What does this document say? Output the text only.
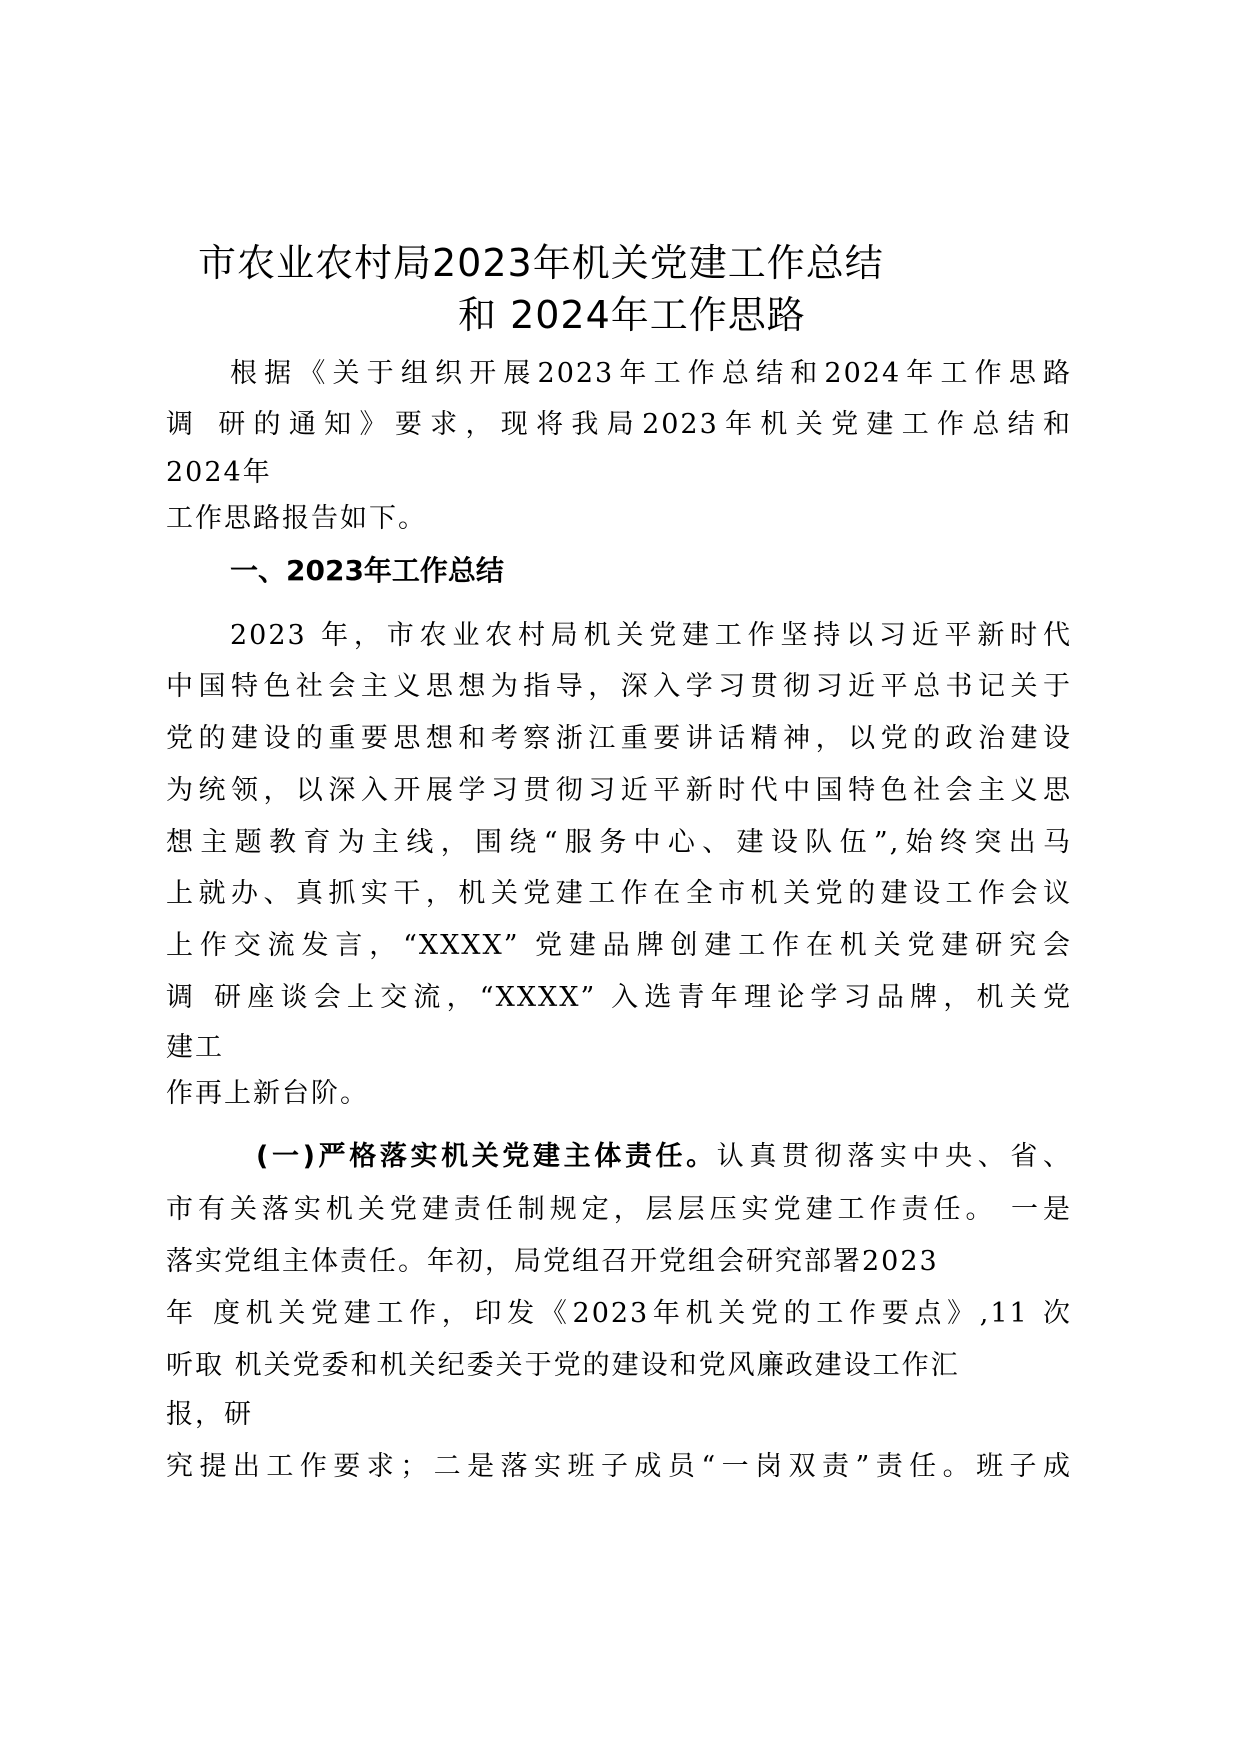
市农业农村局2023年机关党建工作总结
和 2024年工作思路
根据《关于组织开展2023年工作总结和2024年工作思路
调 研的通知》要求，现将我局2023年机关党建工作总结和
2024年
工作思路报告如下。
一、2023年工作总结
2023 年，市农业农村局机关党建工作坚持以习近平新时代
中国特色社会主义思想为指导，深入学习贯彻习近平总书记关于
党的建设的重要思想和考察浙江重要讲话精神，以党的政治建设
为统领，以深入开展学习贯彻习近平新时代中国特色社会主义思
想主题教育为主线，围绕“服务中心、建设队伍”,始终突出马
上就办、真抓实干，机关党建工作在全市机关党的建设工作会议
上作交流发言，“XXXX” 党建品牌创建工作在机关党建研究会
调 研座谈会上交流，“XXXX” 入选青年理论学习品牌，机关党
建工
作再上新台阶。
(一)严格落实机关党建主体责任。认真贯彻落实中央、省、
市有关落实机关党建责任制规定，层层压实党建工作责任。 一是
落实党组主体责任。年初，局党组召开党组会研究部署2023
年 度机关党建工作，印发《2023年机关党的工作要点》,11 次
听取 机关党委和机关纪委关于党的建设和党风廉政建设工作汇
报，研
究提出工作要求；二是落实班子成员“一岗双责”责任。班子成
